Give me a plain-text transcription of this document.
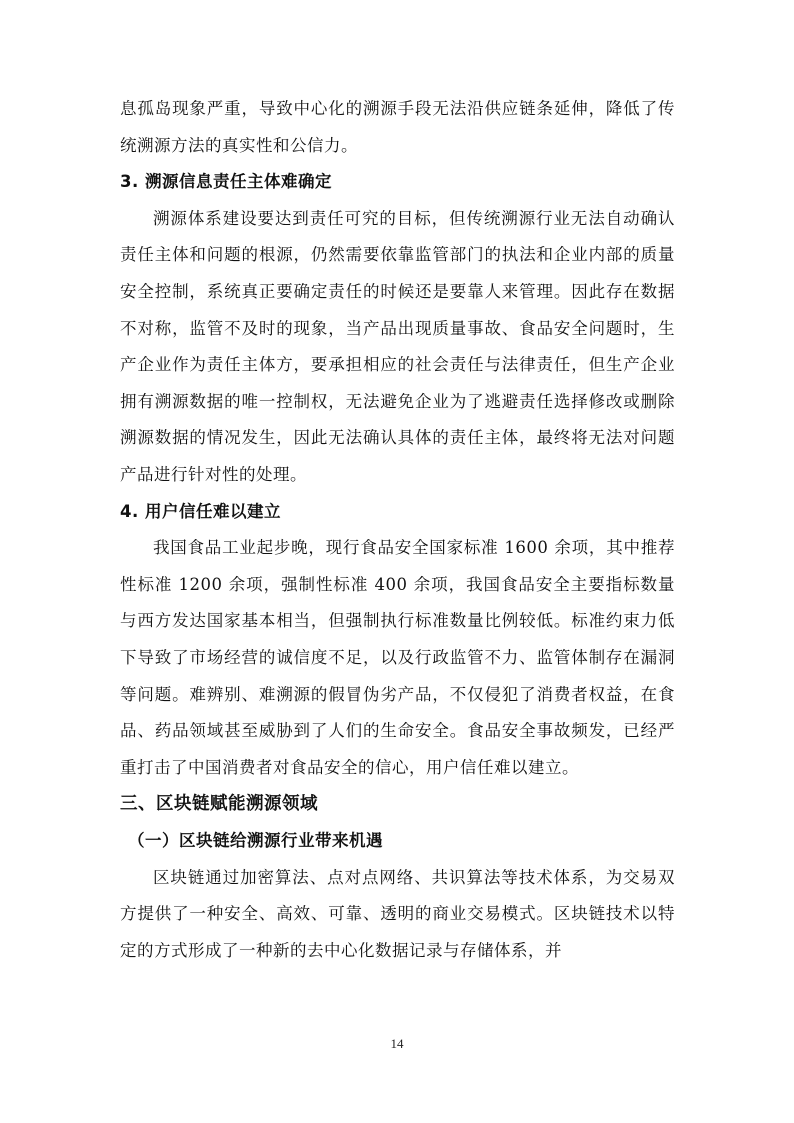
息孤岛现象严重，导致中心化的溯源手段无法沿供应链条延伸，降低了传统溯源方法的真实性和公信力。

3. 溯源信息责任主体难确定

溯源体系建设要达到责任可究的目标，但传统溯源行业无法自动确认责任主体和问题的根源，仍然需要依靠监管部门的执法和企业内部的质量安全控制，系统真正要确定责任的时候还是要靠人来管理。因此存在数据不对称，监管不及时的现象，当产品出现质量事故、食品安全问题时，生产企业作为责任主体方，要承担相应的社会责任与法律责任，但生产企业拥有溯源数据的唯一控制权，无法避免企业为了逃避责任选择修改或删除溯源数据的情况发生，因此无法确认具体的责任主体，最终将无法对问题产品进行针对性的处理。

4. 用户信任难以建立

我国食品工业起步晚，现行食品安全国家标准 1600 余项，其中推荐性标准 1200 余项，强制性标准 400 余项，我国食品安全主要指标数量与西方发达国家基本相当，但强制执行标准数量比例较低。标准约束力低下导致了市场经营的诚信度不足，以及行政监管不力、监管体制存在漏洞等问题。难辨别、难溯源的假冒伪劣产品，不仅侵犯了消费者权益，在食品、药品领域甚至威胁到了人们的生命安全。食品安全事故频发，已经严重打击了中国消费者对食品安全的信心，用户信任难以建立。

三、区块链赋能溯源领域

（一）区块链给溯源行业带来机遇

区块链通过加密算法、点对点网络、共识算法等技术体系，为交易双方提供了一种安全、高效、可靠、透明的商业交易模式。区块链技术以特定的方式形成了一种新的去中心化数据记录与存储体系，并

14
